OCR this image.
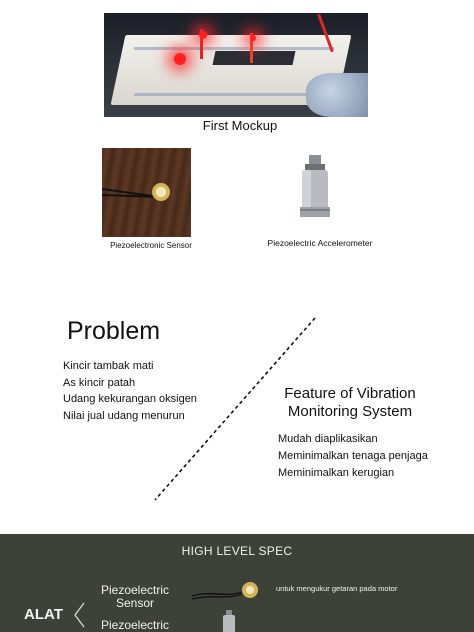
First Mockup
Piezoelectronic Sensor	Piezoelectric Accelerometer
Problem
Kincir tambak mati
As kincir patah
Udang kekurangan oksigen
Nilai jual udang menurun
Feature of Vibration Monitoring System
Mudah diaplikasikan
Meminimalkan tenaga penjaga
Meminimalkan kerugian
HIGH LEVEL SPEC
ALAT
Piezoelectric Sensor
untuk mengukur getaran pada motor
Piezoelectric
